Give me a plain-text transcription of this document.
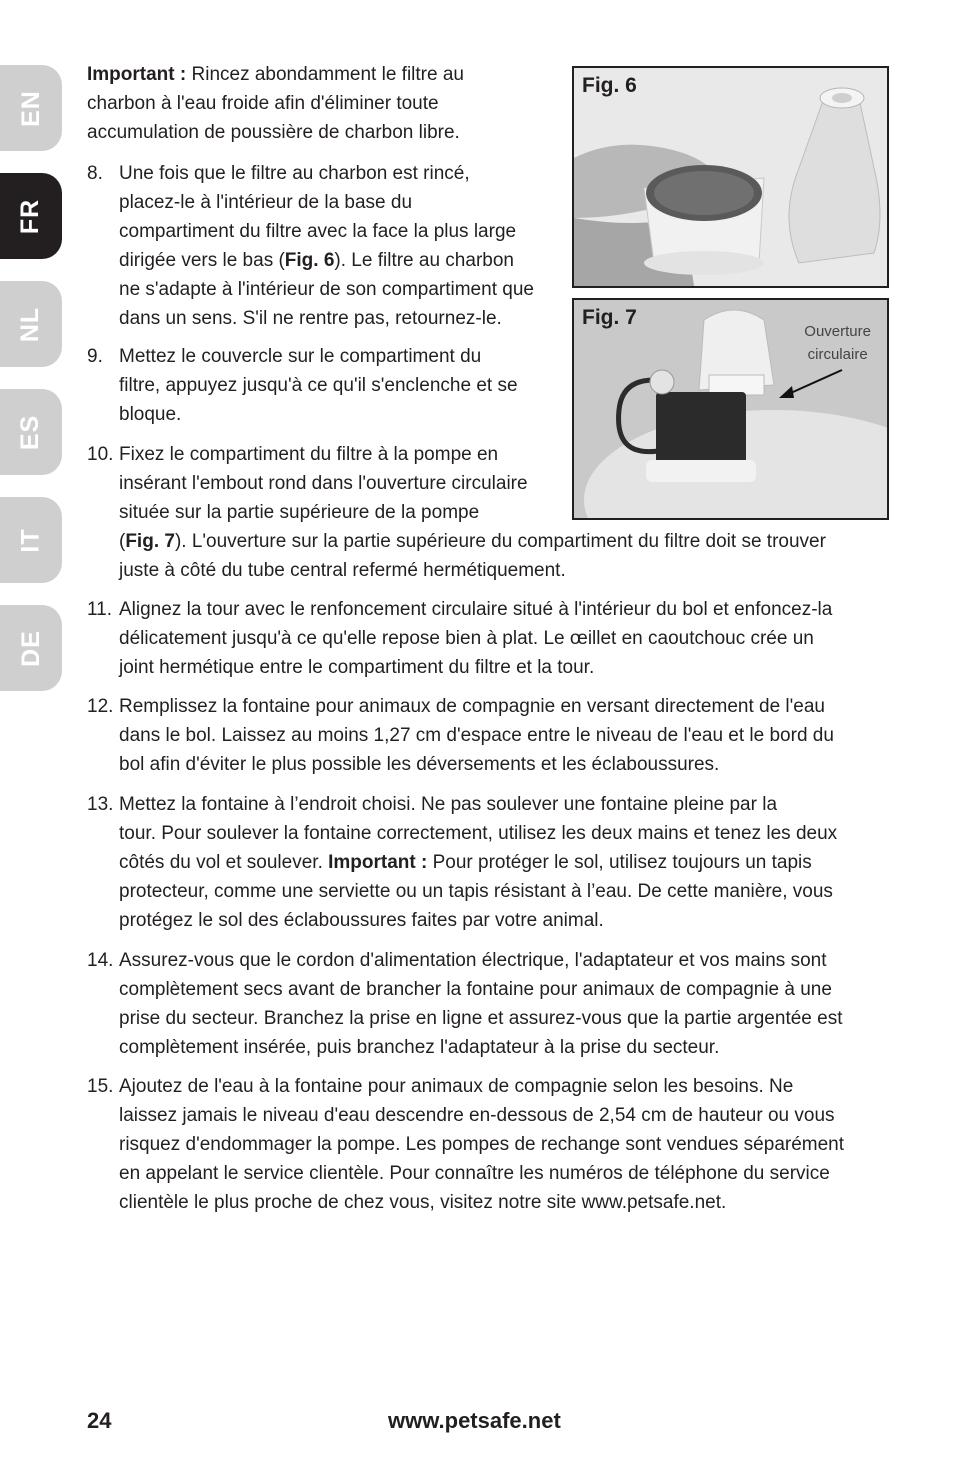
EN
FR
NL
ES
IT
DE
Important : Rincez abondamment le filtre au
charbon à l'eau froide afin d'éliminer toute
accumulation de poussière de charbon libre.
8. Une fois que le filtre au charbon est rincé,
placez-le à l'intérieur de la base du
compartiment du filtre avec la face la plus large
dirigée vers le bas (Fig. 6). Le filtre au charbon
ne s'adapte à l'intérieur de son compartiment que
dans un sens. S'il ne rentre pas, retournez-le.
9. Mettez le couvercle sur le compartiment du
filtre, appuyez jusqu'à ce qu'il s'enclenche et se
bloque.
10. Fixez le compartiment du filtre à la pompe en
insérant l'embout rond dans l'ouverture circulaire
située sur la partie supérieure de la pompe
(Fig. 7). L'ouverture sur la partie supérieure du compartiment du filtre doit se trouver
juste à côté du tube central refermé hermétiquement.
11. Alignez la tour avec le renfoncement circulaire situé à l'intérieur du bol et enfoncez-la
délicatement jusqu'à ce qu'elle repose bien à plat. Le œillet en caoutchouc crée un
joint hermétique entre le compartiment du filtre et la tour.
12. Remplissez la fontaine pour animaux de compagnie en versant directement de l'eau
dans le bol. Laissez au moins 1,27 cm d'espace entre le niveau de l'eau et le bord du
bol afin d'éviter le plus possible les déversements et les éclaboussures.
13. Mettez la fontaine à l’endroit choisi. Ne pas soulever une fontaine pleine par la
tour. Pour soulever la fontaine correctement, utilisez les deux mains et tenez les deux
côtés du vol et soulever. Important : Pour protéger le sol, utilisez toujours un tapis
protecteur, comme une serviette ou un tapis résistant à l’eau. De cette manière, vous
protégez le sol des éclaboussures faites par votre animal.
14. Assurez-vous que le cordon d'alimentation électrique, l'adaptateur et vos mains sont
complètement secs avant de brancher la fontaine pour animaux de compagnie à une
prise du secteur. Branchez la prise en ligne et assurez-vous que la partie argentée est
complètement insérée, puis branchez l'adaptateur à la prise du secteur.
15. Ajoutez de l'eau à la fontaine pour animaux de compagnie selon les besoins. Ne
laissez jamais le niveau d'eau descendre en-dessous de 2,54 cm de hauteur ou vous
risquez d'endommager la pompe. Les pompes de rechange sont vendues séparément
en appelant le service clientèle. Pour connaître les numéros de téléphone du service
clientèle le plus proche de chez vous, visitez notre site www.petsafe.net.
Fig. 6
Fig. 7
Ouverture
circulaire
24	www.petsafe.net
